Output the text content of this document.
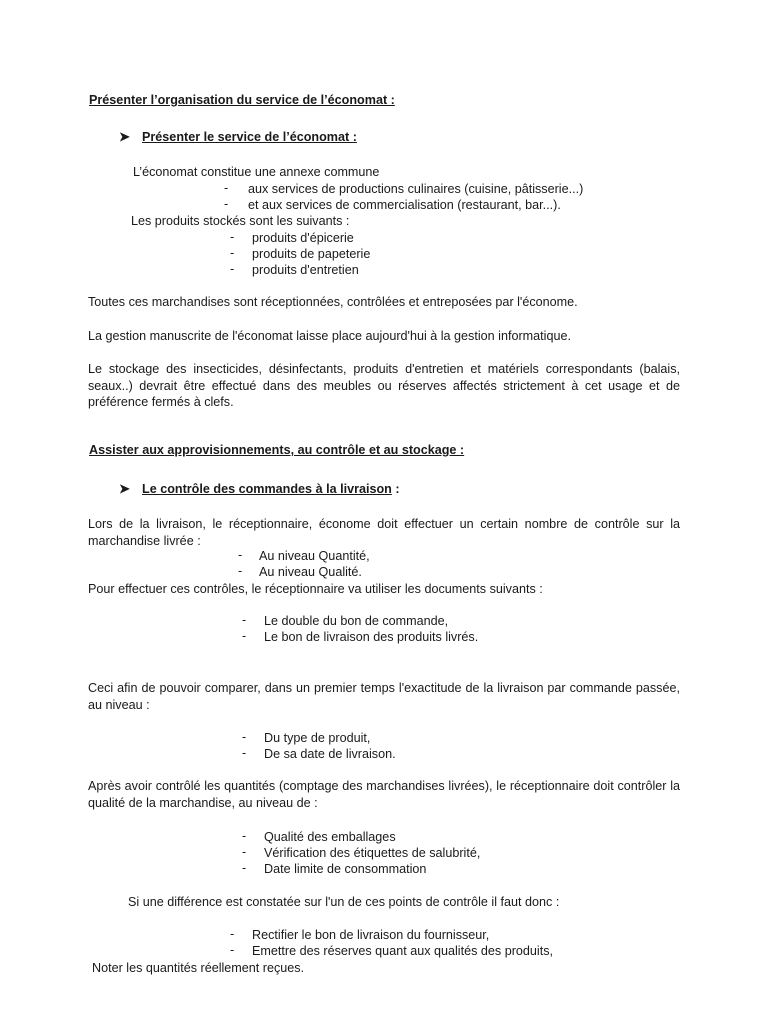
Présenter l’organisation du service de l’économat :
➤ Présenter le service de l’économat :
L’économat constitue une annexe commune
- aux services de productions culinaires (cuisine, pâtisserie...)
- et aux services de commercialisation (restaurant, bar...).
Les produits stockés sont les suivants :
- produits d'épicerie
- produits de papeterie
- produits d'entretien
Toutes ces marchandises sont réceptionnées, contrôlées et entreposées par l'économe.
La gestion manuscrite de l'économat laisse place aujourd'hui à la gestion informatique.
Le stockage des insecticides, désinfectants, produits d'entretien et matériels correspondants (balais, seaux..) devrait être effectué dans des meubles ou réserves affectés strictement à cet usage et de préférence fermés à clefs.
Assister aux approvisionnements, au contrôle et au stockage :
➤ Le contrôle des commandes à la livraison :
Lors de la livraison, le réceptionnaire, économe doit effectuer un certain nombre de contrôle sur la marchandise livrée :
- Au niveau Quantité,
- Au niveau Qualité.
Pour effectuer ces contrôles, le réceptionnaire va utiliser les documents suivants :
- Le double du bon de commande,
- Le bon de livraison des produits livrés.
Ceci afin de pouvoir comparer, dans un premier temps l'exactitude de la livraison par commande passée, au niveau :
- Du type de produit,
- De sa date de livraison.
Après avoir contrôlé les quantités (comptage des marchandises livrées), le réceptionnaire doit contrôler la qualité de la marchandise, au niveau de :
- Qualité des emballages
- Vérification des étiquettes de salubrité,
- Date limite de consommation
Si une différence est constatée sur l'un de ces points de contrôle il faut donc :
- Rectifier le bon de livraison du fournisseur,
- Emettre des réserves quant aux qualités des produits,
Noter les quantités réellement reçues.
